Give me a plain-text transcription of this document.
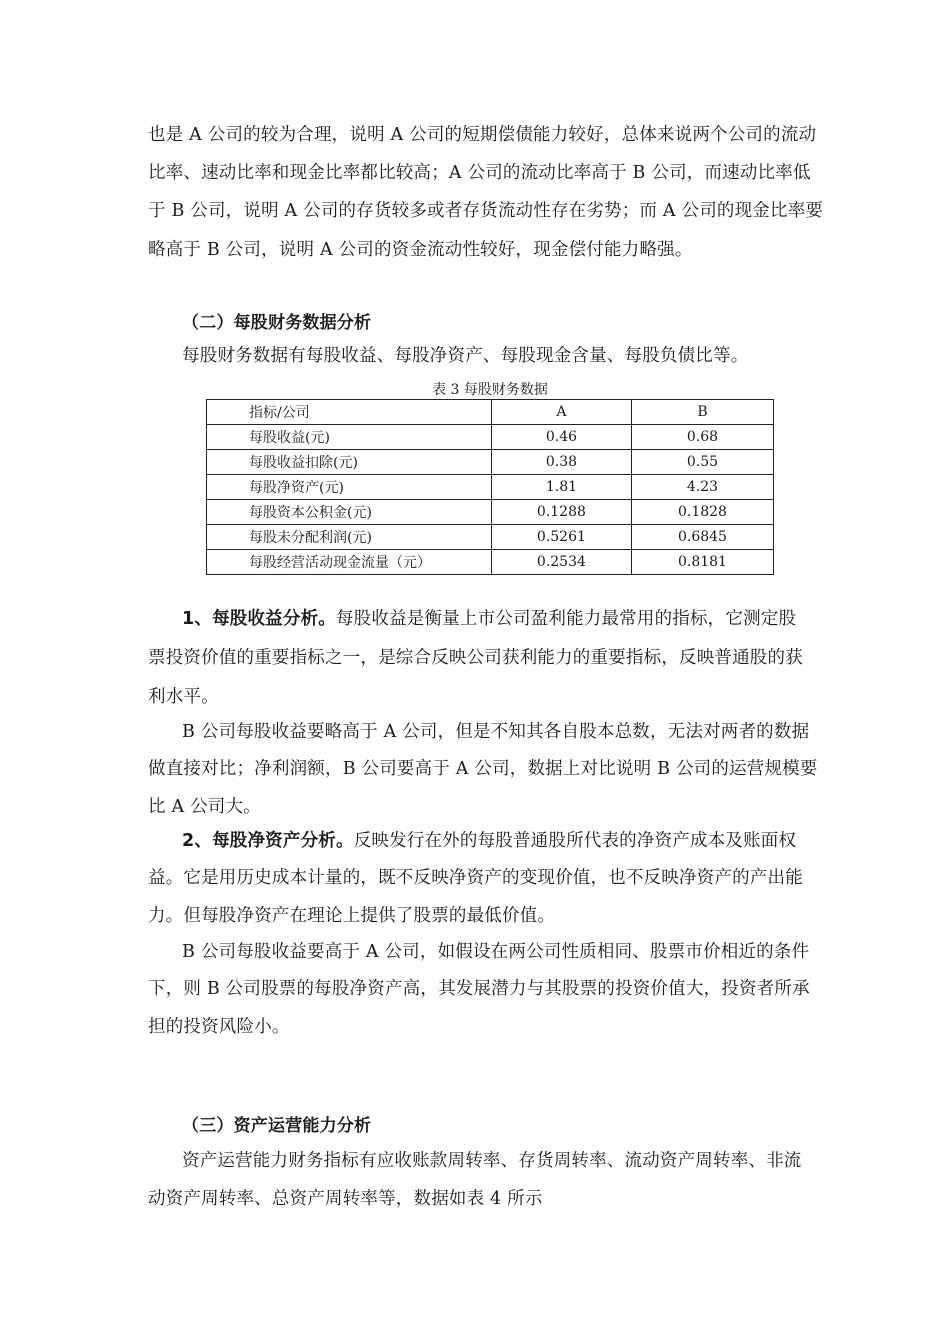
也是 A 公司的较为合理，说明 A 公司的短期偿债能力较好，总体来说两个公司的流动
比率、速动比率和现金比率都比较高；A 公司的流动比率高于 B 公司，而速动比率低
于 B 公司，说明 A 公司的存货较多或者存货流动性存在劣势；而 A 公司的现金比率要
略高于 B 公司，说明 A 公司的资金流动性较好，现金偿付能力略强。
（二）每股财务数据分析
每股财务数据有每股收益、每股净资产、每股现金含量、每股负债比等。
表 3 每股财务数据
指标/公司	A	B
每股收益(元)	0.46	0.68
每股收益扣除(元)	0.38	0.55
每股净资产(元)	1.81	4.23
每股资本公积金(元)	0.1288	0.1828
每股未分配利润(元)	0.5261	0.6845
每股经营活动现金流量（元）	0.2534	0.8181
1、每股收益分析。每股收益是衡量上市公司盈利能力最常用的指标，它测定股
票投资价值的重要指标之一，是综合反映公司获利能力的重要指标，反映普通股的获
利水平。
B 公司每股收益要略高于 A 公司，但是不知其各自股本总数，无法对两者的数据
做直接对比；净利润额，B 公司要高于 A 公司，数据上对比说明 B 公司的运营规模要
比 A 公司大。
2、每股净资产分析。反映发行在外的每股普通股所代表的净资产成本及账面权
益。它是用历史成本计量的，既不反映净资产的变现价值，也不反映净资产的产出能
力。但每股净资产在理论上提供了股票的最低价值。
B 公司每股收益要高于 A 公司，如假设在两公司性质相同、股票市价相近的条件
下，则 B 公司股票的每股净资产高，其发展潜力与其股票的投资价值大，投资者所承
担的投资风险小。
（三）资产运营能力分析
资产运营能力财务指标有应收账款周转率、存货周转率、流动资产周转率、非流
动资产周转率、总资产周转率等，数据如表 4 所示
